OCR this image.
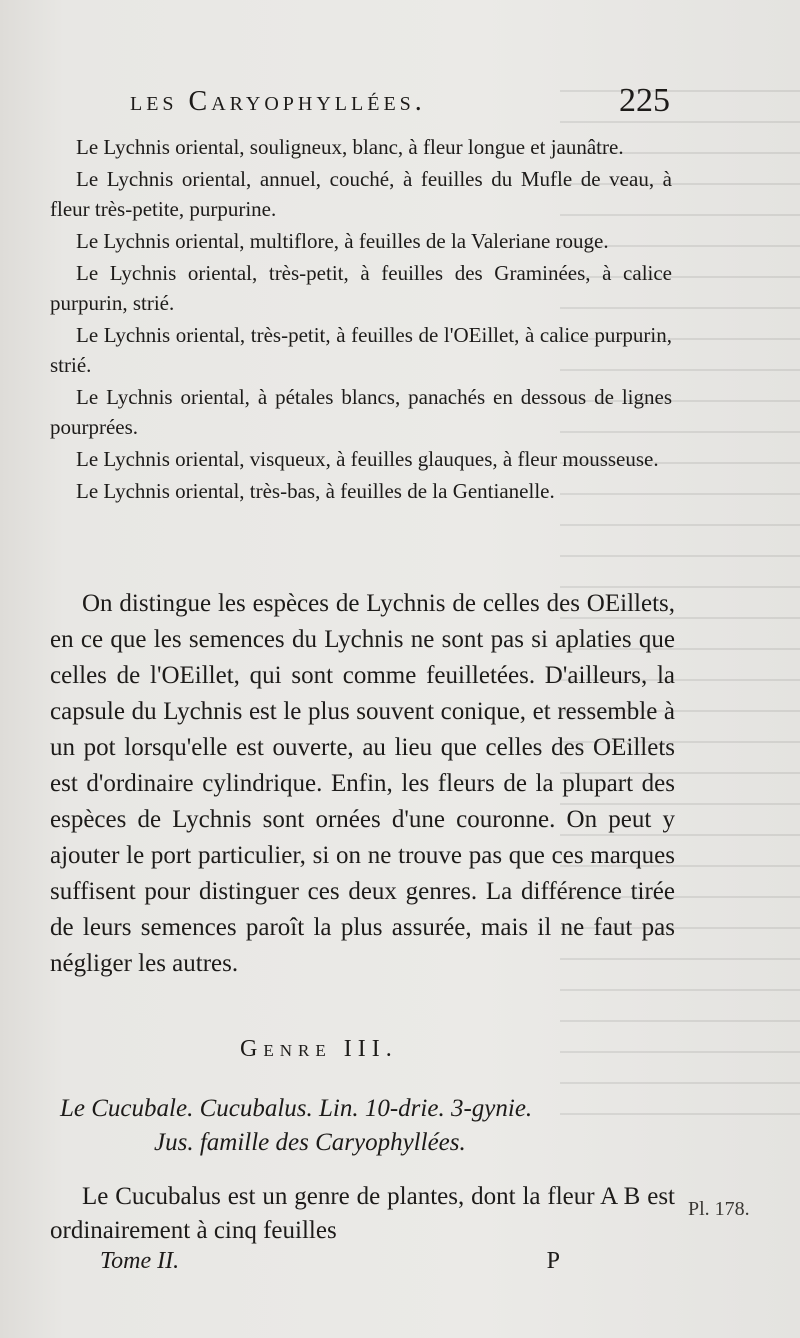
les Caryophyllées.	225

Le Lychnis oriental, souligneux, blanc, à fleur longue et jaunâtre.

Le Lychnis oriental, annuel, couché, à feuilles du Mufle de veau, à fleur très-petite, purpurine.

Le Lychnis oriental, multiflore, à feuilles de la Valeriane rouge.

Le Lychnis oriental, très-petit, à feuilles des Graminées, à calice purpurin, strié.

Le Lychnis oriental, très-petit, à feuilles de l'OEillet, à calice purpurin, strié.

Le Lychnis oriental, à pétales blancs, panachés en dessous de lignes pourprées.

Le Lychnis oriental, visqueux, à feuilles glauques, à fleur mousseuse.

Le Lychnis oriental, très-bas, à feuilles de la Gentianelle.

On distingue les espèces de Lychnis de celles des OEillets, en ce que les semences du Lychnis ne sont pas si aplaties que celles de l'OEillet, qui sont comme feuilletées. D'ailleurs, la capsule du Lychnis est le plus souvent conique, et ressemble à un pot lorsqu'elle est ouverte, au lieu que celles des OEillets est d'ordinaire cylindrique. Enfin, les fleurs de la plupart des espèces de Lychnis sont ornées d'une couronne. On peut y ajouter le port particulier, si on ne trouve pas que ces marques suffisent pour distinguer ces deux genres. La différence tirée de leurs semences paroît la plus assurée, mais il ne faut pas négliger les autres.

Genre III.
Le Cucubale. Cucubalus. Lin. 10-drie. 3-gynie.
Jus. famille des Caryophyllées.

Le Cucubalus est un genre de plantes, dont la fleur A B est ordinairement à cinq feuilles

Pl. 178.
Tome II.	P
